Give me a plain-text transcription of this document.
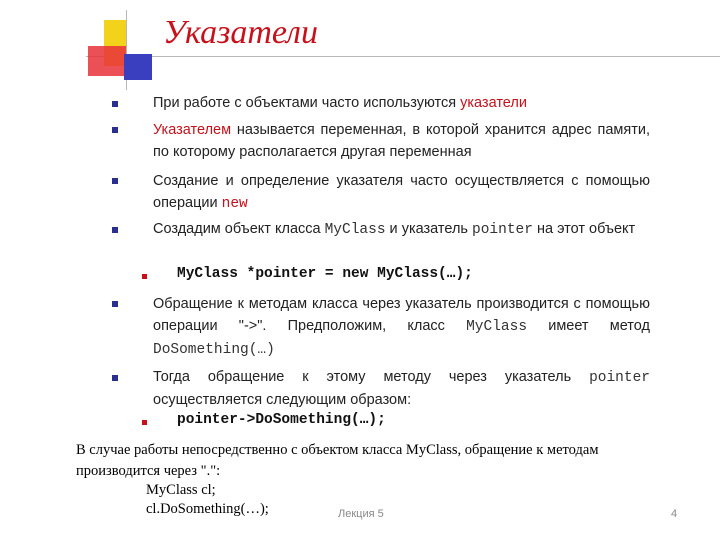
Указатели
При работе с объектами часто используются указатели
Указателем называется переменная, в которой хранится адрес памяти, по которому располагается другая переменная
Создание и определение указателя часто осуществляется с помощью операции new
Создадим объект класса MyClass и указатель pointer на этот объект
MyClass *pointer = new MyClass(…);
Обращение к методам класса через указатель производится с помощью операции "->". Предположим, класс MyClass имеет метод DoSomething(…)
Тогда обращение к этому методу через указатель pointer осуществляется следующим образом:
pointer->DoSomething(…);
В случае работы непосредственно с объектом класса MyClass, обращение к методам
производится через ".":
MyClass cl;
cl.DoSomething(…);	Лекция 5	4
